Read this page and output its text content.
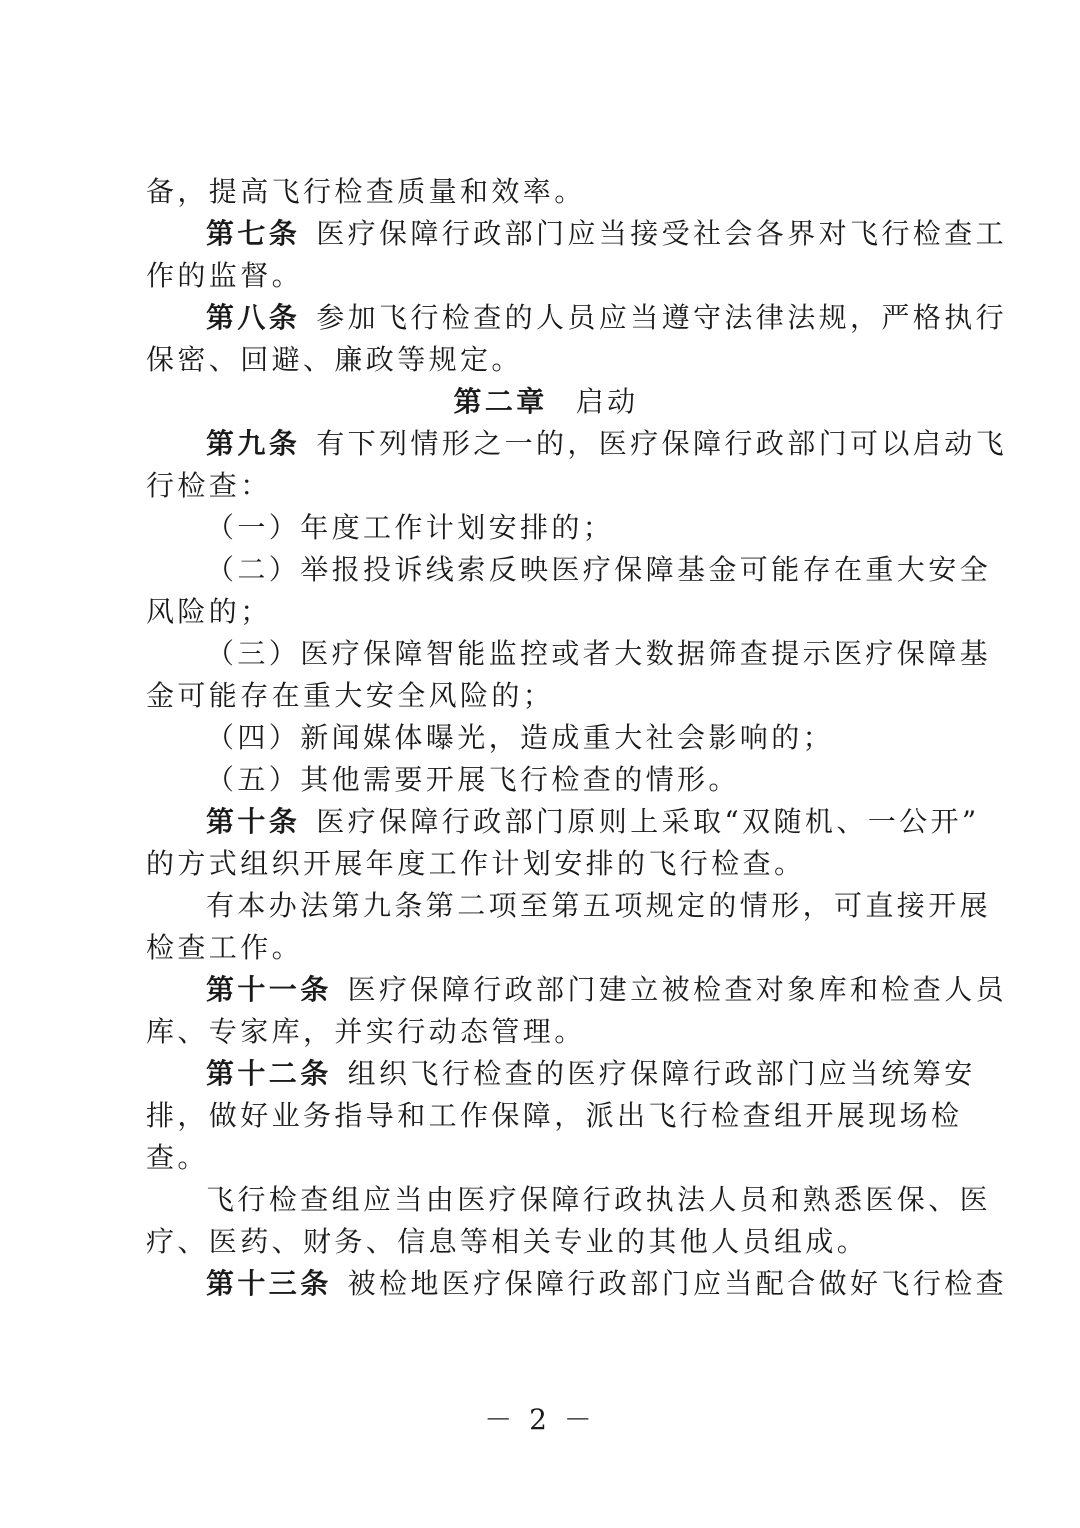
备，提高飞行检查质量和效率。

第七条 医疗保障行政部门应当接受社会各界对飞行检查工

作的监督。

第八条 参加飞行检查的人员应当遵守法律法规，严格执行

保密、回避、廉政等规定。

第二章 启动

第九条 有下列情形之一的，医疗保障行政部门可以启动飞

行检查：

（一）年度工作计划安排的；

（二）举报投诉线索反映医疗保障基金可能存在重大安全

风险的；

（三）医疗保障智能监控或者大数据筛查提示医疗保障基

金可能存在重大安全风险的；

（四）新闻媒体曝光，造成重大社会影响的；

（五）其他需要开展飞行检查的情形。

第十条 医疗保障行政部门原则上采取“双随机、一公开”

的方式组织开展年度工作计划安排的飞行检查。

有本办法第九条第二项至第五项规定的情形，可直接开展

检查工作。

第十一条 医疗保障行政部门建立被检查对象库和检查人员

库、专家库，并实行动态管理。

第十二条 组织飞行检查的医疗保障行政部门应当统筹安

排，做好业务指导和工作保障，派出飞行检查组开展现场检

查。

飞行检查组应当由医疗保障行政执法人员和熟悉医保、医

疗、医药、财务、信息等相关专业的其他人员组成。

第十三条 被检地医疗保障行政部门应当配合做好飞行检查

－ 2 －
